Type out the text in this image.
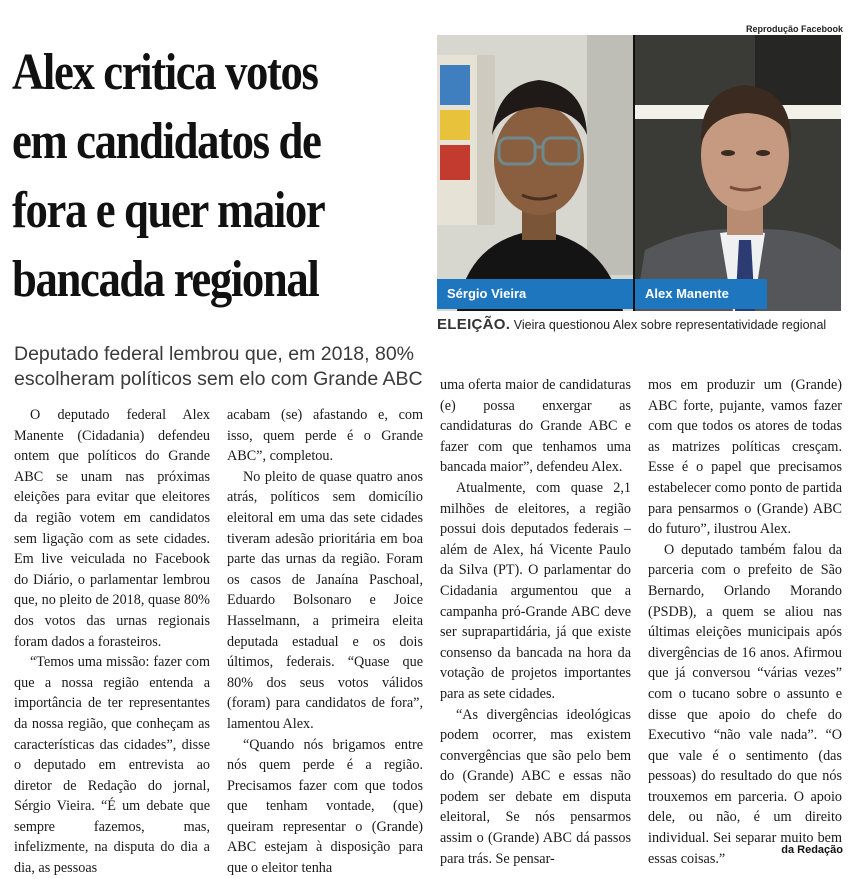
Reprodução Facebook
Alex critica votos
em candidatos de
fora e quer maior
bancada regional	Sérgio Vieira	Alex Manente
ELEIÇÃO. Vieira questionou Alex sobre representatividade regional
Deputado federal lembrou que, em 2018, 80%
escolheram políticos sem elo com Grande ABC

O deputado federal Alex Manente (Cidadania) defendeu ontem que políticos do Grande ABC se unam nas próximas eleições para evitar que eleitores da região votem em candidatos sem ligação com as sete cidades. Em live veiculada no Facebook do Diário, o parlamentar lembrou que, no pleito de 2018, quase 80% dos votos das urnas regionais foram dados a forasteiros.

“Temos uma missão: fazer com que a nossa região entenda a importância de ter representantes da nossa região, que conheçam as características das cidades”, disse o deputado em entrevista ao diretor de Redação do jornal, Sérgio Vieira. “É um debate que sempre fazemos, mas, infelizmente, na disputa do dia a dia, as pessoas

acabam (se) afastando e, com isso, quem perde é o Grande ABC”, completou.

No pleito de quase quatro anos atrás, políticos sem domicílio eleitoral em uma das sete cidades tiveram adesão prioritária em boa parte das urnas da região. Foram os casos de Janaína Paschoal, Eduardo Bolsonaro e Joice Hasselmann, a primeira eleita deputada estadual e os dois últimos, federais. “Quase que 80% dos seus votos válidos (foram) para candidatos de fora”, lamentou Alex.

“Quando nós brigamos entre nós quem perde é a região. Precisamos fazer com que todos que tenham vontade, (que) queiram representar o (Grande) ABC estejam à disposição para que o eleitor tenha

uma oferta maior de candidaturas (e) possa enxergar as candidaturas do Grande ABC e fazer com que tenhamos uma bancada maior”, defendeu Alex.

Atualmente, com quase 2,1 milhões de eleitores, a região possui dois deputados federais – além de Alex, há Vicente Paulo da Silva (PT). O parlamentar do Cidadania argumentou que a campanha pró-Grande ABC deve ser suprapartidária, já que existe consenso da bancada na hora da votação de projetos importantes para as sete cidades.

“As divergências ideológicas podem ocorrer, mas existem convergências que são pelo bem do (Grande) ABC e essas não podem ser debate em disputa eleitoral, Se nós pensarmos assim o (Grande) ABC dá passos para trás. Se pensar-

mos em produzir um (Grande) ABC forte, pujante, vamos fazer com que todos os atores de todas as matrizes políticas cresçam. Esse é o papel que precisamos estabelecer como ponto de partida para pensarmos o (Grande) ABC do futuro”, ilustrou Alex.

O deputado também falou da parceria com o prefeito de São Bernardo, Orlando Morando (PSDB), a quem se aliou nas últimas eleições municipais após divergências de 16 anos. Afirmou que já conversou “várias vezes” com o tucano sobre o assunto e disse que apoio do chefe do Executivo “não vale nada”. “O que vale é o sentimento (das pessoas) do resultado do que nós trouxemos em parceria. O apoio dele, ou não, é um direito individual. Sei separar muito bem essas coisas.”

da Redação
